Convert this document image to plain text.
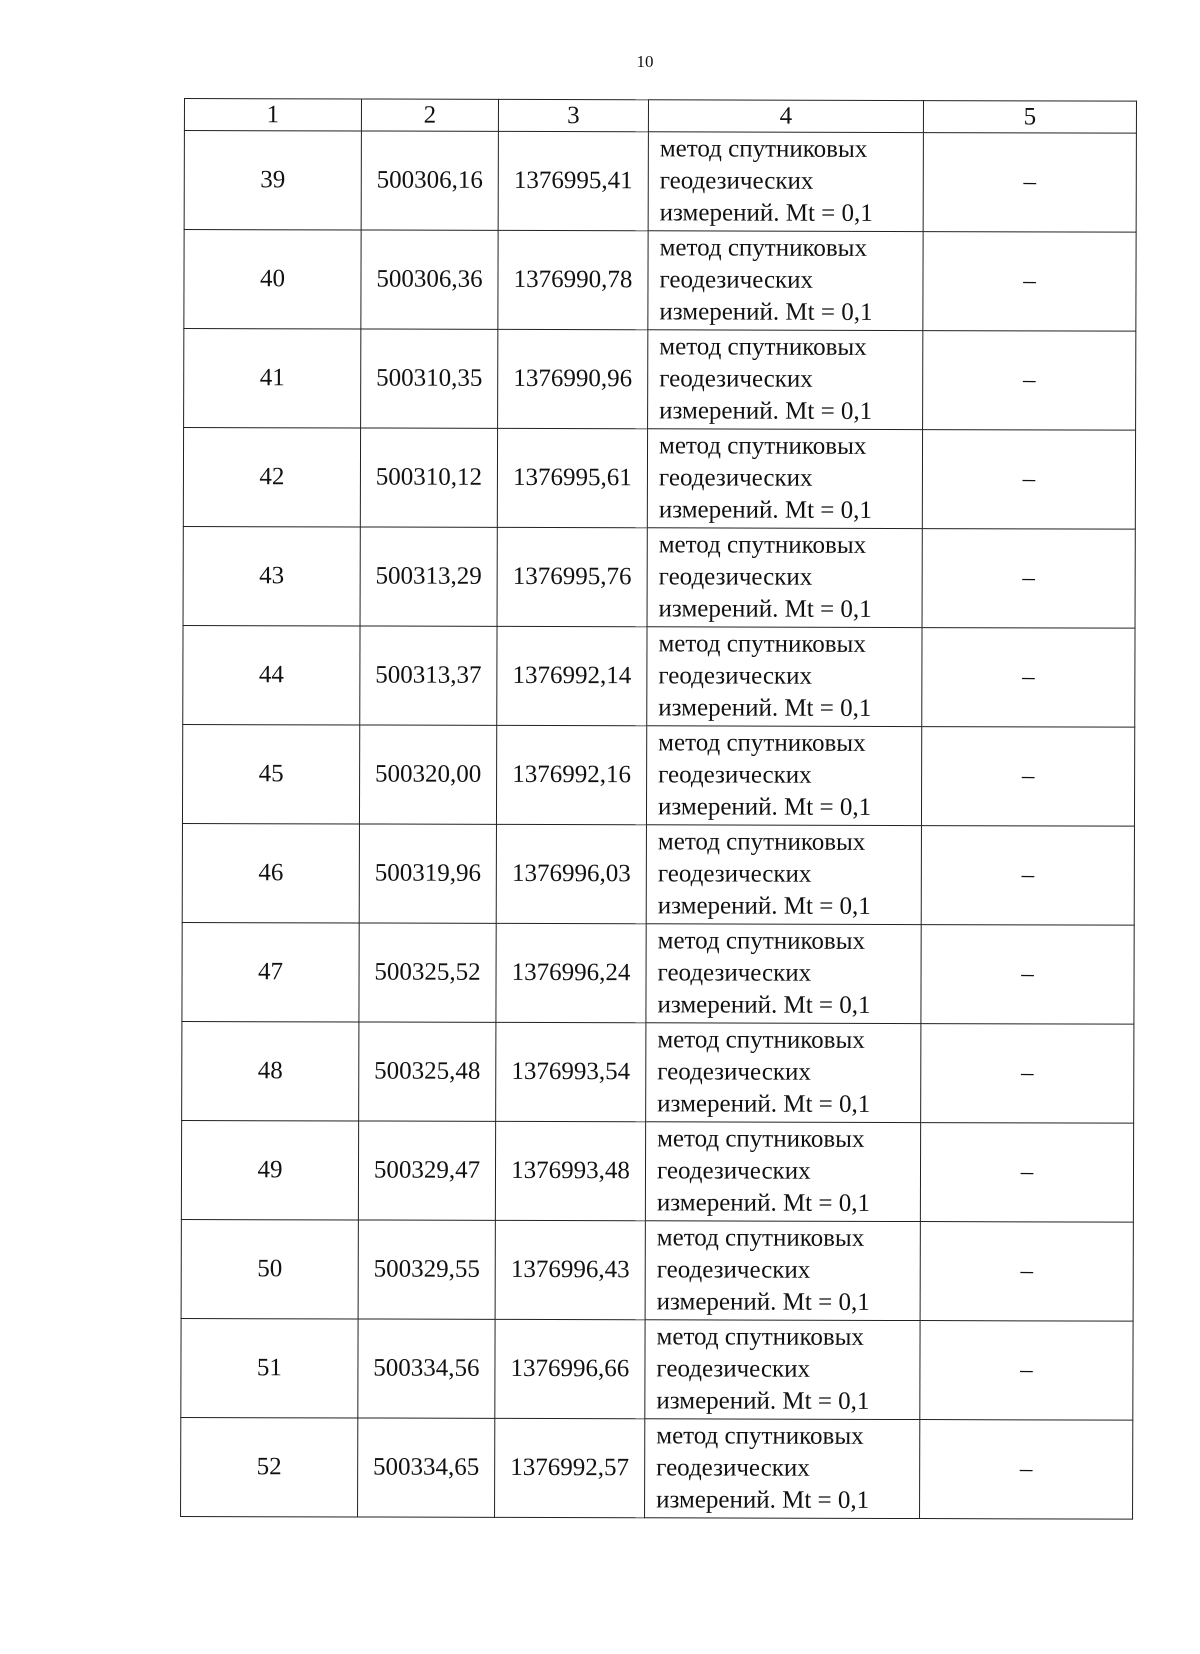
10
1	2	3	4	5
39	500306,16	1376995,41	метод спутниковых
геодезических
измерений. Mt = 0,1	–
40	500306,36	1376990,78	метод спутниковых
геодезических
измерений. Mt = 0,1	–
41	500310,35	1376990,96	метод спутниковых
геодезических
измерений. Mt = 0,1	–
42	500310,12	1376995,61	метод спутниковых
геодезических
измерений. Mt = 0,1	–
43	500313,29	1376995,76	метод спутниковых
геодезических
измерений. Mt = 0,1	–
44	500313,37	1376992,14	метод спутниковых
геодезических
измерений. Mt = 0,1	–
45	500320,00	1376992,16	метод спутниковых
геодезических
измерений. Mt = 0,1	–
46	500319,96	1376996,03	метод спутниковых
геодезических
измерений. Mt = 0,1	–
47	500325,52	1376996,24	метод спутниковых
геодезических
измерений. Mt = 0,1	–
48	500325,48	1376993,54	метод спутниковых
геодезических
измерений. Mt = 0,1	–
49	500329,47	1376993,48	метод спутниковых
геодезических
измерений. Mt = 0,1	–
50	500329,55	1376996,43	метод спутниковых
геодезических
измерений. Mt = 0,1	–
51	500334,56	1376996,66	метод спутниковых
геодезических
измерений. Mt = 0,1	–
52	500334,65	1376992,57	метод спутниковых
геодезических
измерений. Mt = 0,1	–
